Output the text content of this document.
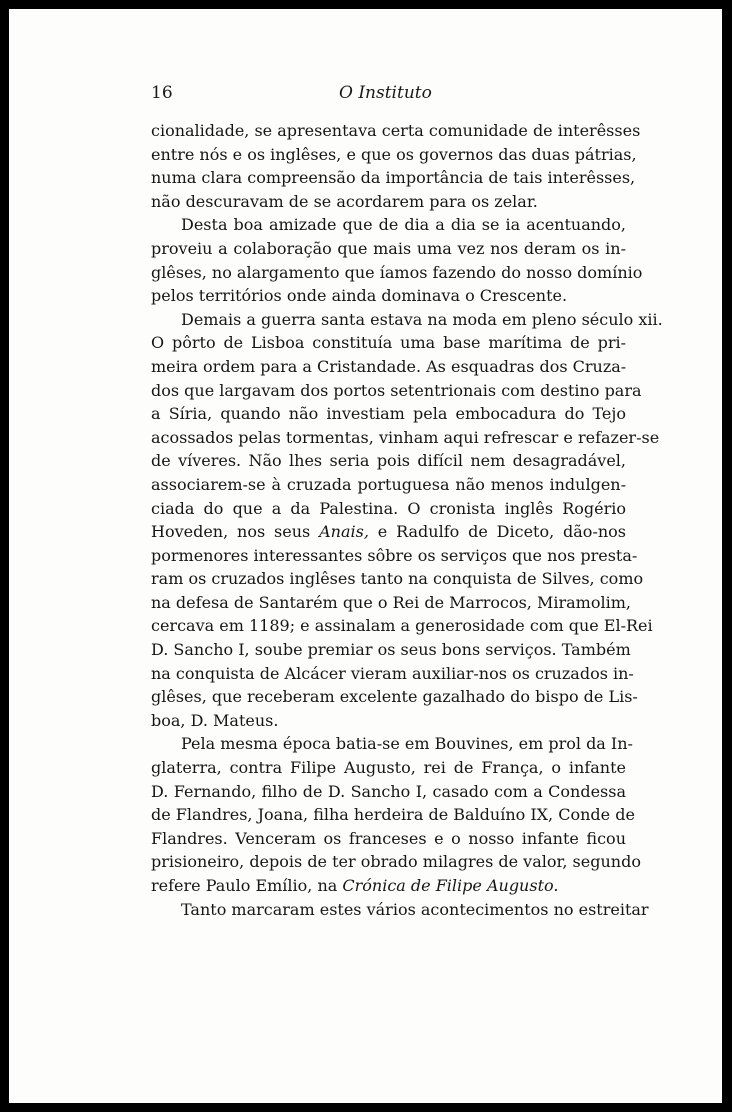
16	O Instituto
cionalidade, se apresentava certa comunidade de interêsses
entre nós e os inglêses, e que os governos das duas pátrias,
numa clara compreensão da importância de tais interêsses,
não descuravam de se acordarem para os zelar.
Desta boa amizade que de dia a dia se ia acentuando,
proveiu a colaboração que mais uma vez nos deram os in-
glêses, no alargamento que íamos fazendo do nosso domínio
pelos territórios onde ainda dominava o Crescente.
Demais a guerra santa estava na moda em pleno século xii.
O pôrto de Lisboa constituía uma base marítima de pri-
meira ordem para a Cristandade. As esquadras dos Cruza-
dos que largavam dos portos setentrionais com destino para
a Síria, quando não investiam pela embocadura do Tejo
acossados pelas tormentas, vinham aqui refrescar e refazer-se
de víveres. Não lhes seria pois difícil nem desagradável,
associarem-se à cruzada portuguesa não menos indulgen-
ciada do que a da Palestina. O cronista inglês Rogério
Hoveden, nos seus Anais, e Radulfo de Diceto, dão-nos
pormenores interessantes sôbre os serviços que nos presta-
ram os cruzados inglêses tanto na conquista de Silves, como
na defesa de Santarém que o Rei de Marrocos, Miramolim,
cercava em 1189; e assinalam a generosidade com que El-Rei
D. Sancho I, soube premiar os seus bons serviços. Também
na conquista de Alcácer vieram auxiliar-nos os cruzados in-
glêses, que receberam excelente gazalhado do bispo de Lis-
boa, D. Mateus.
Pela mesma época batia-se em Bouvines, em prol da In-
glaterra, contra Filipe Augusto, rei de França, o infante
D. Fernando, filho de D. Sancho I, casado com a Condessa
de Flandres, Joana, filha herdeira de Balduíno IX, Conde de
Flandres. Venceram os franceses e o nosso infante ficou
prisioneiro, depois de ter obrado milagres de valor, segundo
refere Paulo Emílio, na Crónica de Filipe Augusto.
Tanto marcaram estes vários acontecimentos no estreitar
